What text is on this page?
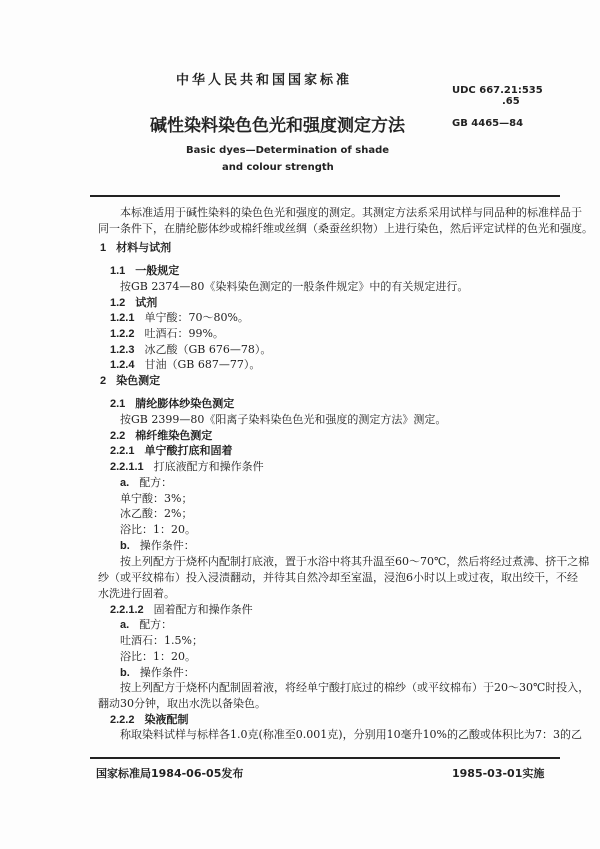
中华人民共和国国家标准
UDC 667.21:535
.65
碱性染料染色色光和强度测定方法	GB 4465—84
Basic dyes—Determination of shade
and colour strength
本标准适用于碱性染料的染色色光和强度的测定。其测定方法系采用试样与同品种的标准样品于
同一条件下，在腈纶膨体纱或棉纤维或丝绸（桑蚕丝织物）上进行染色，然后评定试样的色光和强度。
1 材料与试剂
1.1 一般规定
按GB 2374—80《染料染色测定的一般条件规定》中的有关规定进行。
1.2 试剂
1.2.1 单宁酸：70～80%。
1.2.2 吐酒石：99%。
1.2.3 冰乙酸（GB 676—78）。
1.2.4 甘油（GB 687—77）。
2 染色测定
2.1 腈纶膨体纱染色测定
按GB 2399—80《阳离子染料染色色光和强度的测定方法》测定。
2.2 棉纤维染色测定
2.2.1 单宁酸打底和固着
2.2.1.1 打底液配方和操作条件
a. 配方：
单宁酸：3%；
冰乙酸：2%；
浴比：1：20。
b. 操作条件：
按上列配方于烧杯内配制打底液，置于水浴中将其升温至60～70℃，然后将经过煮沸、挤干之棉
纱（或平纹棉布）投入浸渍翻动，并待其自然冷却至室温，浸泡6小时以上或过夜，取出绞干，不经
水洗进行固着。
2.2.1.2 固着配方和操作条件
a. 配方：
吐酒石：1.5%；
浴比：1：20。
b. 操作条件：
按上列配方于烧杯内配制固着液，将经单宁酸打底过的棉纱（或平纹棉布）于20～30℃时投入，
翻动30分钟，取出水洗以备染色。
2.2.2 染液配制
称取染料试样与标样各1.0克(称准至0.001克)，分别用10毫升10%的乙酸或体积比为7：3的乙
国家标准局1984-06-05发布	1985-03-01实施
